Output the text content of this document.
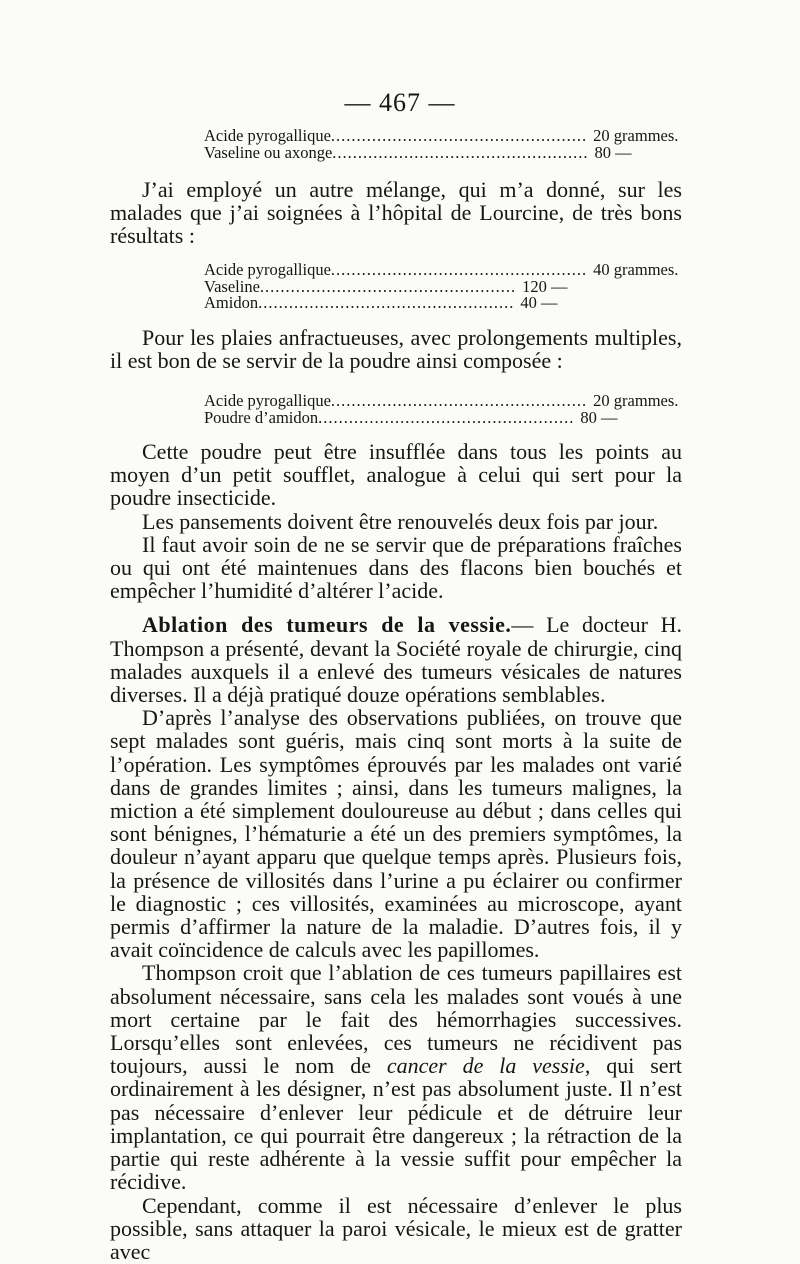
— 467 —
Acide pyrogallique .................................................. 20 grammes.
Vaseline ou axonge .................................................. 80 —

J’ai employé un autre mélange, qui m’a donné, sur les malades que j’ai soignées à l’hôpital de Lourcine, de très bons résultats :

Acide pyrogallique .................................................. 40 grammes.
Vaseline .................................................. 120 —
Amidon .................................................. 40 —

Pour les plaies anfractueuses, avec prolongements multiples, il est bon de se servir de la poudre ainsi composée :

Acide pyrogallique .................................................. 20 grammes.
Poudre d’amidon .................................................. 80 —

Cette poudre peut être insufflée dans tous les points au moyen d’un petit soufflet, analogue à celui qui sert pour la poudre insecticide.

Les pansements doivent être renouvelés deux fois par jour.

Il faut avoir soin de ne se servir que de préparations fraîches ou qui ont été maintenues dans des flacons bien bouchés et empêcher l’humidité d’altérer l’acide.

Ablation des tumeurs de la vessie.— Le docteur H. Thompson a présenté, devant la Société royale de chirurgie, cinq malades auxquels il a enlevé des tumeurs vésicales de natures diverses. Il a déjà pratiqué douze opérations semblables.

D’après l’analyse des observations publiées, on trouve que sept malades sont guéris, mais cinq sont morts à la suite de l’opération. Les symptômes éprouvés par les malades ont varié dans de grandes limites ; ainsi, dans les tumeurs malignes, la miction a été simplement douloureuse au début ; dans celles qui sont bénignes, l’hématurie a été un des premiers symptômes, la douleur n’ayant apparu que quelque temps après. Plusieurs fois, la présence de villosités dans l’urine a pu éclairer ou confirmer le diagnostic ; ces villosités, examinées au microscope, ayant permis d’affirmer la nature de la maladie. D’autres fois, il y avait coïncidence de calculs avec les papillomes.

Thompson croit que l’ablation de ces tumeurs papillaires est absolument nécessaire, sans cela les malades sont voués à une mort certaine par le fait des hémorrhagies successives. Lorsqu’elles sont enlevées, ces tumeurs ne récidivent pas toujours, aussi le nom de cancer de la vessie, qui sert ordinairement à les désigner, n’est pas absolument juste. Il n’est pas nécessaire d’enlever leur pédicule et de détruire leur implantation, ce qui pourrait être dangereux ; la rétraction de la partie qui reste adhérente à la vessie suffit pour empêcher la récidive.

Cependant, comme il est nécessaire d’enlever le plus possible, sans attaquer la paroi vésicale, le mieux est de gratter avec
